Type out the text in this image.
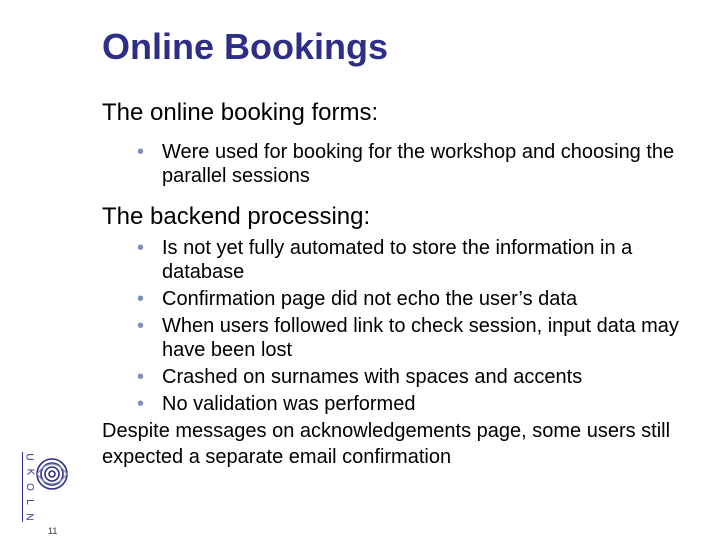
Online Bookings

The online booking forms:

• Were used for booking for the workshop and choosing the parallel sessions

The backend processing:

• Is not yet fully automated to store the information in a database
• Confirmation page did not echo the user’s data
• When users followed link to check session, input data may have been lost
• Crashed on surnames with spaces and accents
• No validation was performed

Despite messages on acknowledgements page, some users still expected a separate email confirmation

U
K
O
L
N
11
